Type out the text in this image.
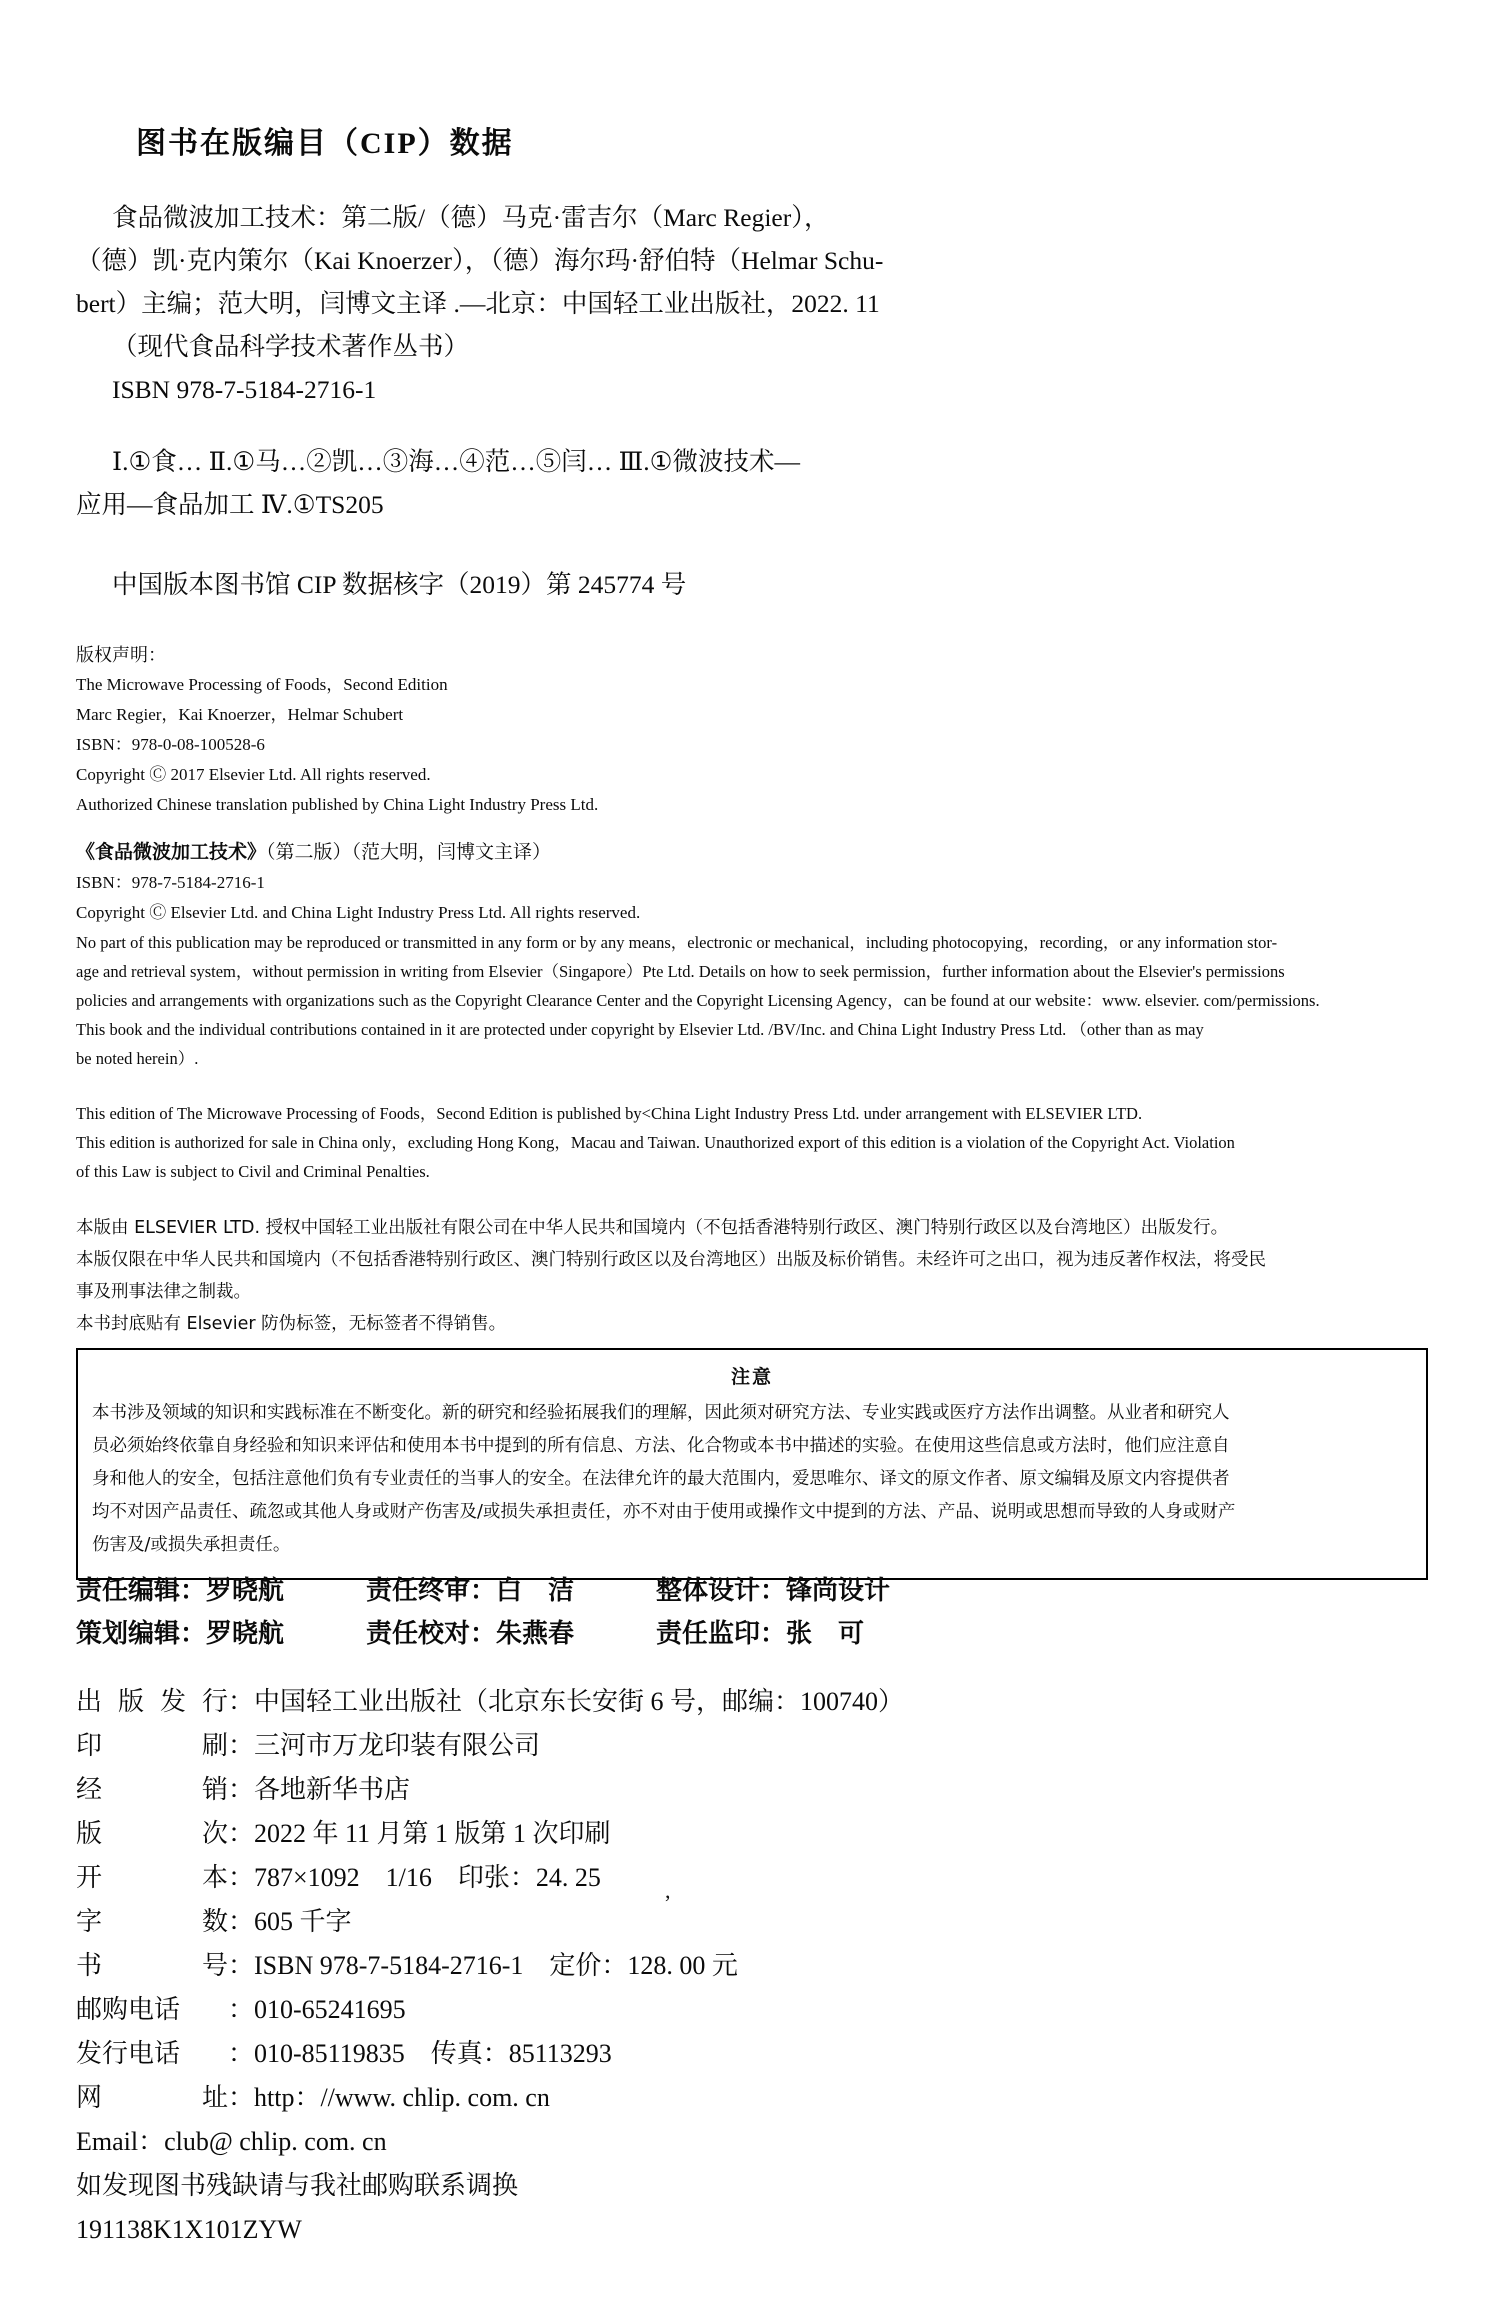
图书在版编目（CIP）数据
食品微波加工技术：第二版/（德）马克·雷吉尔（Marc Regier），
（德）凯·克内策尔（Kai Knoerzer），（德）海尔玛·舒伯特（Helmar Schu-
bert）主编；范大明，闫博文主译 .—北京：中国轻工业出版社，2022. 11
（现代食品科学技术著作丛书）
ISBN 978-7-5184-2716-1
Ⅰ.①食… Ⅱ.①马…②凯…③海…④范…⑤闫… Ⅲ.①微波技术—
应用—食品加工 Ⅳ.①TS205
中国版本图书馆 CIP 数据核字（2019）第 245774 号
版权声明：
The Microwave Processing of Foods，Second Edition
Marc Regier，Kai Knoerzer，Helmar Schubert
ISBN：978-0-08-100528-6
Copyright Ⓒ 2017 Elsevier Ltd. All rights reserved.
Authorized Chinese translation published by China Light Industry Press Ltd.
《食品微波加工技术》（第二版）（范大明，闫博文主译）
ISBN：978-7-5184-2716-1
Copyright Ⓒ Elsevier Ltd. and China Light Industry Press Ltd. All rights reserved.
No part of this publication may be reproduced or transmitted in any form or by any means，electronic or mechanical，including photocopying，recording，or any information stor-
age and retrieval system，without permission in writing from Elsevier（Singapore）Pte Ltd. Details on how to seek permission，further information about the Elsevier's permissions
policies and arrangements with organizations such as the Copyright Clearance Center and the Copyright Licensing Agency，can be found at our website：www. elsevier. com/permissions.
This book and the individual contributions contained in it are protected under copyright by Elsevier Ltd. /BV/Inc. and China Light Industry Press Ltd. （other than as may
be noted herein）.
This edition of The Microwave Processing of Foods，Second Edition is published by<China Light Industry Press Ltd. under arrangement with ELSEVIER LTD.
This edition is authorized for sale in China only，excluding Hong Kong，Macau and Taiwan. Unauthorized export of this edition is a violation of the Copyright Act. Violation
of this Law is subject to Civil and Criminal Penalties.
本版由 ELSEVIER LTD. 授权中国轻工业出版社有限公司在中华人民共和国境内（不包括香港特别行政区、澳门特别行政区以及台湾地区）出版发行。
本版仅限在中华人民共和国境内（不包括香港特别行政区、澳门特别行政区以及台湾地区）出版及标价销售。未经许可之出口，视为违反著作权法，将受民
事及刑事法律之制裁。
本书封底贴有 Elsevier 防伪标签，无标签者不得销售。
注意
本书涉及领域的知识和实践标准在不断变化。新的研究和经验拓展我们的理解，因此须对研究方法、专业实践或医疗方法作出调整。从业者和研究人
员必须始终依靠自身经验和知识来评估和使用本书中提到的所有信息、方法、化合物或本书中描述的实验。在使用这些信息或方法时，他们应注意自
身和他人的安全，包括注意他们负有专业责任的当事人的安全。在法律允许的最大范围内，爱思唯尔、译文的原文作者、原文编辑及原文内容提供者
均不对因产品责任、疏忽或其他人身或财产伤害及/或损失承担责任，亦不对由于使用或操作文中提到的方法、产品、说明或思想而导致的人身或财产
伤害及/或损失承担责任。
责任编辑：罗晓航	责任终审：白　洁	整体设计：锋尚设计
策划编辑：罗晓航	责任校对：朱燕春	责任监印：张　可
出版发行 ： 中国轻工业出版社（北京东长安街 6 号，邮编：100740）
印　　刷 ： 三河市万龙印装有限公司
经　　销 ： 各地新华书店
版　　次 ： 2022 年 11 月第 1 版第 1 次印刷
开　　本 ： 787×1092　1/16　印张：24. 25
字　　数 ： 605 千字
书　　号 ： ISBN 978-7-5184-2716-1　定价：128. 00 元
邮购电话	： 010-65241695
发行电话	： 010-85119835　传真：85113293
网　　址 ： http：//www. chlip. com. cn
Email：club@ chlip. com. cn
如发现图书残缺请与我社邮购联系调换
191138K1X101ZYW
,
